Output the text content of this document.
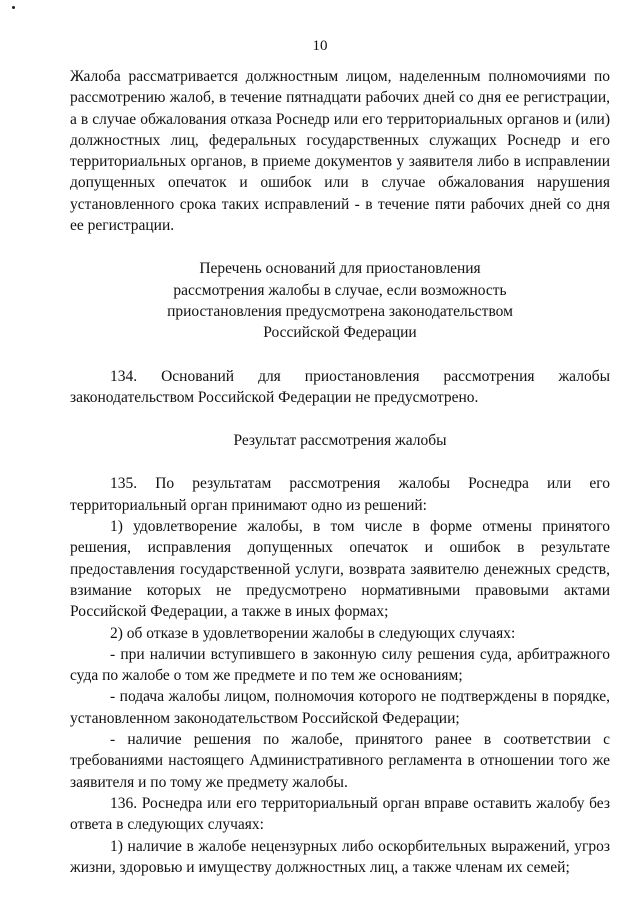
10

Жалоба рассматривается должностным лицом, наделенным полномочиями по рассмотрению жалоб, в течение пятнадцати рабочих дней со дня ее регистрации, а в случае обжалования отказа Роснедр или его территориальных органов и (или) должностных лиц, федеральных государственных служащих Роснедр и его территориальных органов, в приеме документов у заявителя либо в исправлении допущенных опечаток и ошибок или в случае обжалования нарушения установленного срока таких исправлений - в течение пяти рабочих дней со дня ее регистрации.

Перечень оснований для приостановления рассмотрения жалобы в случае, если возможность приостановления предусмотрена законодательством Российской Федерации

134. Оснований для приостановления рассмотрения жалобы законодательством Российской Федерации не предусмотрено.

Результат рассмотрения жалобы

135. По результатам рассмотрения жалобы Роснедра или его территориальный орган принимают одно из решений:

1) удовлетворение жалобы, в том числе в форме отмены принятого решения, исправления допущенных опечаток и ошибок в результате предоставления государственной услуги, возврата заявителю денежных средств, взимание которых не предусмотрено нормативными правовыми актами Российской Федерации, а также в иных формах;

2) об отказе в удовлетворении жалобы в следующих случаях:

- при наличии вступившего в законную силу решения суда, арбитражного суда по жалобе о том же предмете и по тем же основаниям;

- подача жалобы лицом, полномочия которого не подтверждены в порядке, установленном законодательством Российской Федерации;

- наличие решения по жалобе, принятого ранее в соответствии с требованиями настоящего Административного регламента в отношении того же заявителя и по тому же предмету жалобы.

136. Роснедра или его территориальный орган вправе оставить жалобу без ответа в следующих случаях:

1) наличие в жалобе нецензурных либо оскорбительных выражений, угроз жизни, здоровью и имуществу должностных лиц, а также членам их семей;
